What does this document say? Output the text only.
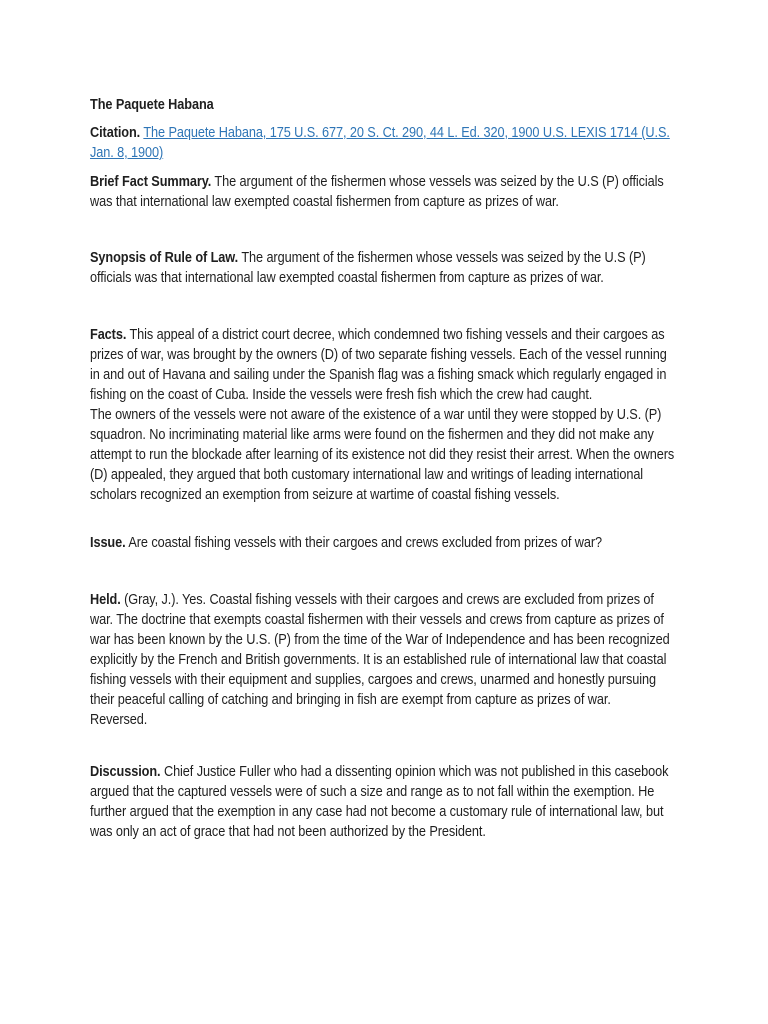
The Paquete Habana

Citation. The Paquete Habana, 175 U.S. 677, 20 S. Ct. 290, 44 L. Ed. 320, 1900 U.S. LEXIS 1714 (U.S. Jan. 8, 1900)

Brief Fact Summary. The argument of the fishermen whose vessels was seized by the U.S (P) officials was that international law exempted coastal fishermen from capture as prizes of war.

Synopsis of Rule of Law. The argument of the fishermen whose vessels was seized by the U.S (P) officials was that international law exempted coastal fishermen from capture as prizes of war.

Facts. This appeal of a district court decree, which condemned two fishing vessels and their cargoes as prizes of war, was brought by the owners (D) of two separate fishing vessels. Each of the vessel running in and out of Havana and sailing under the Spanish flag was a fishing smack which regularly engaged in fishing on the coast of Cuba. Inside the vessels were fresh fish which the crew had caught.
The owners of the vessels were not aware of the existence of a war until they were stopped by U.S. (P) squadron. No incriminating material like arms were found on the fishermen and they did not make any attempt to run the blockade after learning of its existence not did they resist their arrest. When the owners (D) appealed, they argued that both customary international law and writings of leading international scholars recognized an exemption from seizure at wartime of coastal fishing vessels.

Issue. Are coastal fishing vessels with their cargoes and crews excluded from prizes of war?

Held. (Gray, J.). Yes. Coastal fishing vessels with their cargoes and crews are excluded from prizes of war. The doctrine that exempts coastal fishermen with their vessels and crews from capture as prizes of war has been known by the U.S. (P) from the time of the War of Independence and has been recognized explicitly by the French and British governments. It is an established rule of international law that coastal fishing vessels with their equipment and supplies, cargoes and crews, unarmed and honestly pursuing their peaceful calling of catching and bringing in fish are exempt from capture as prizes of war.
Reversed.

Discussion. Chief Justice Fuller who had a dissenting opinion which was not published in this casebook argued that the captured vessels were of such a size and range as to not fall within the exemption. He further argued that the exemption in any case had not become a customary rule of international law, but was only an act of grace that had not been authorized by the President.
